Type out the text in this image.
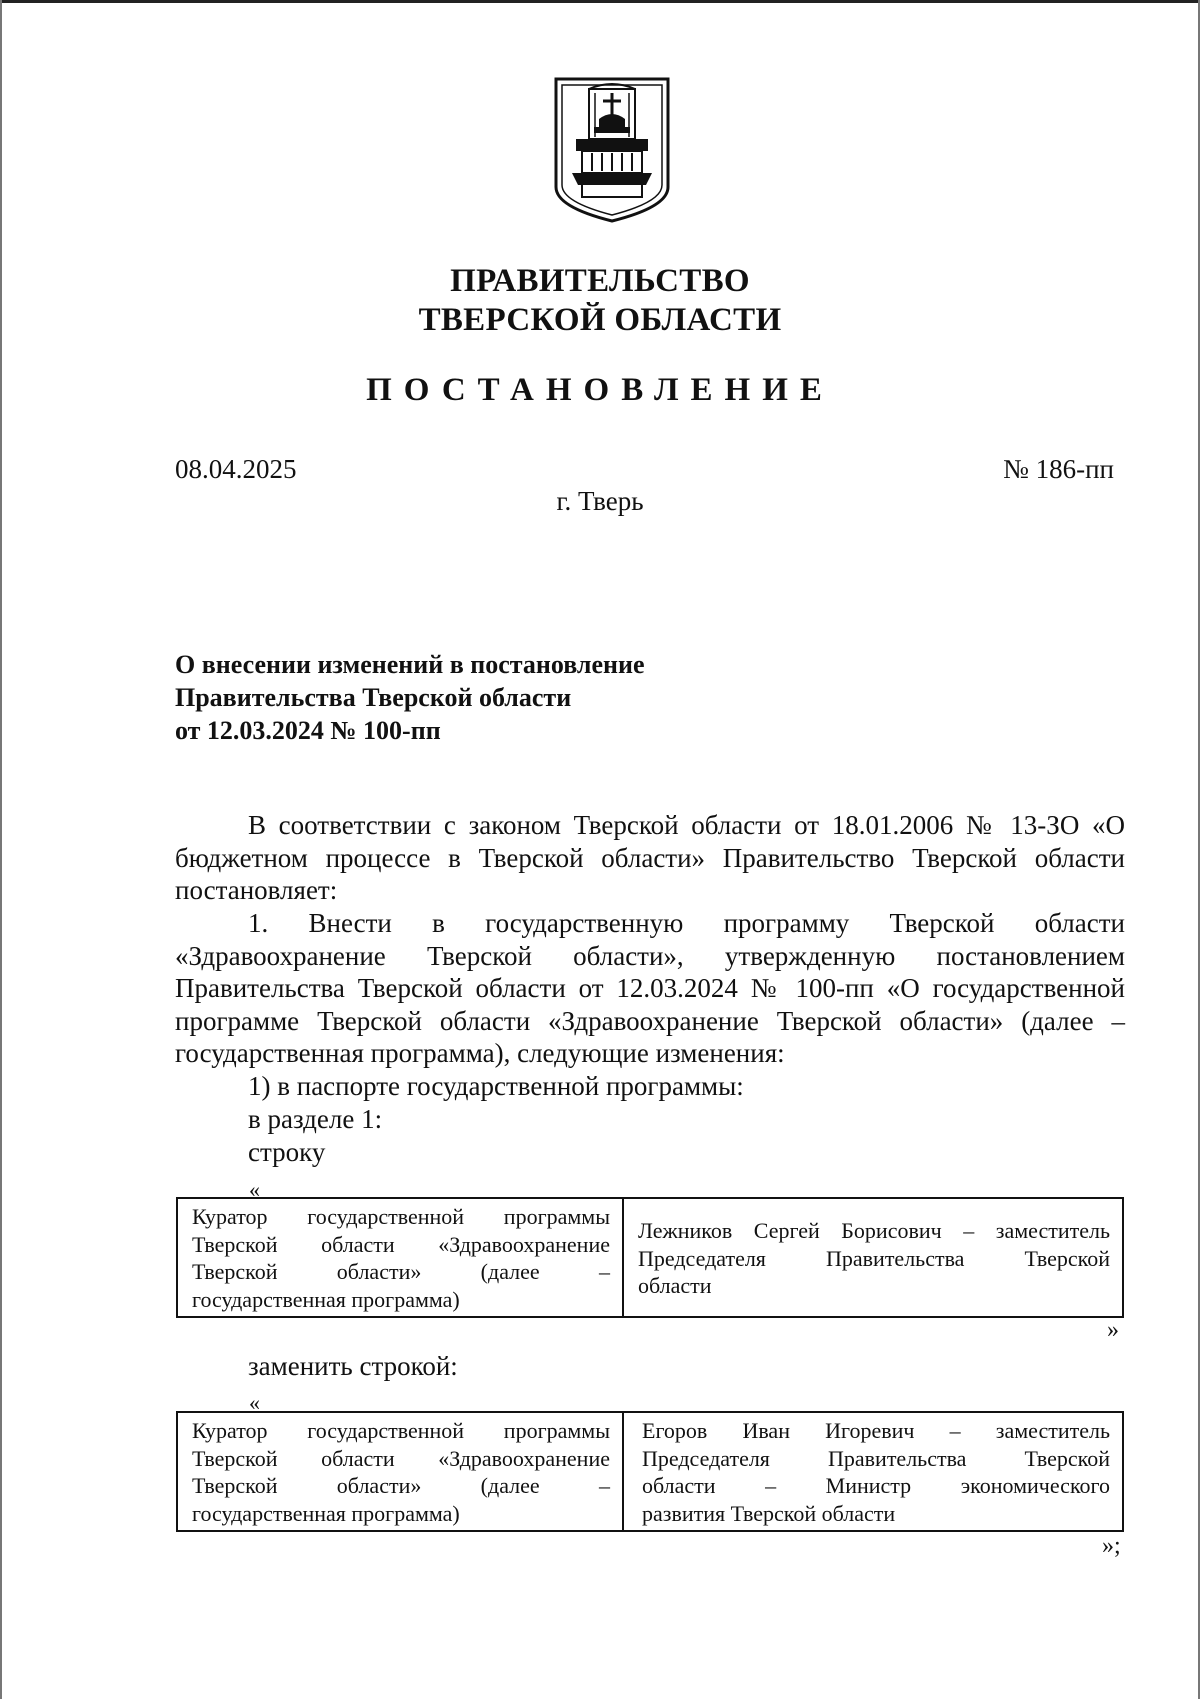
ПРАВИТЕЛЬСТВО
ТВЕРСКОЙ ОБЛАСТИ
ПОСТАНОВЛЕНИЕ
08.04.2025	№ 186-пп
г. Тверь
О внесении изменений в постановление
Правительства Тверской области
от 12.03.2024 № 100-пп
В соответствии с законом Тверской области от 18.01.2006 № 13-ЗО «О бюджетном процессе в Тверской области» Правительство Тверской области постановляет:
1. Внести в государственную программу Тверской области «Здравоохранение Тверской области», утвержденную постановлением Правительства Тверской области от 12.03.2024 № 100-пп «О государственной программе Тверской области «Здравоохранение Тверской области» (далее – государственная программа), следующие изменения:
1) в паспорте государственной программы:
в разделе 1:
строку
«
Куратор государственной программы
Тверской области «Здравоохранение
Тверской области» (далее –
государственная программа)
Лежников Сергей Борисович – заместитель
Председателя Правительства Тверской
области
»
заменить строкой:
«
Куратор государственной программы
Тверской области «Здравоохранение
Тверской области» (далее –
государственная программа)
Егоров Иван Игоревич – заместитель
Председателя Правительства Тверской
области – Министр экономического
развития Тверской области
»;
